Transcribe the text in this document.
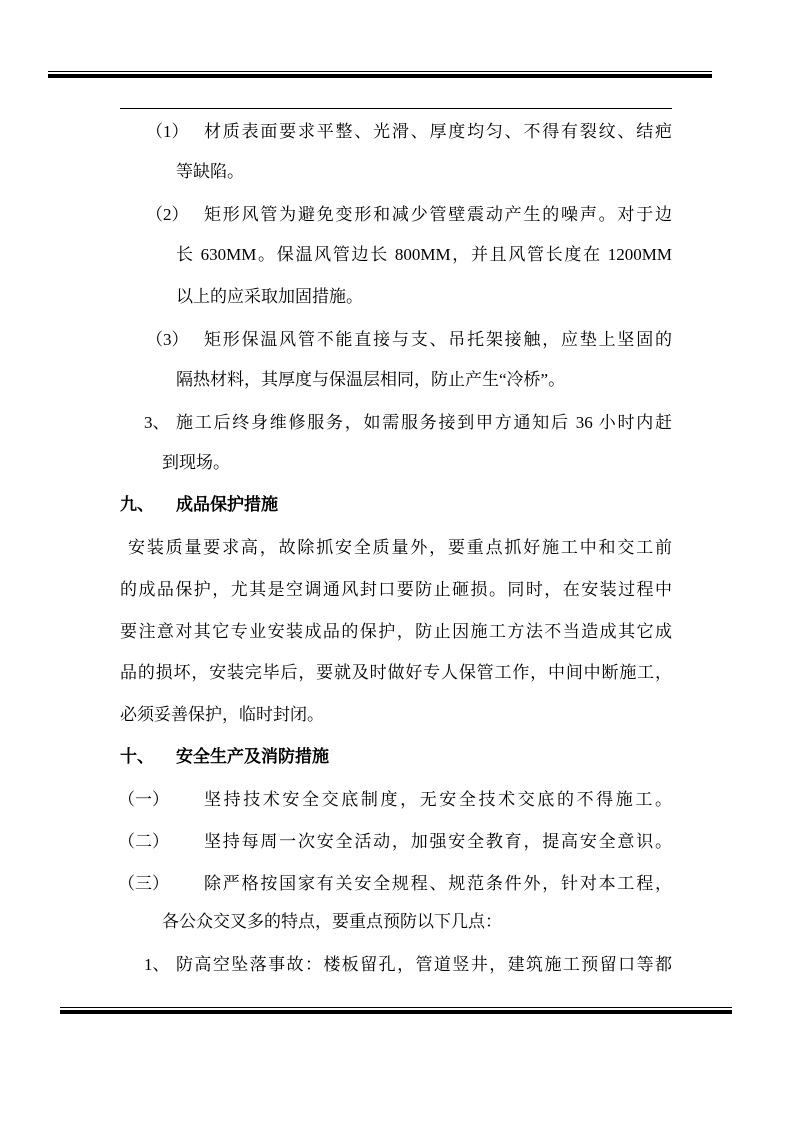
（1） 材质表面要求平整、光滑、厚度均匀、不得有裂纹、结疤
等缺陷。
（2） 矩形风管为避免变形和减少管壁震动产生的噪声。对于边
长 630MM。保温风管边长 800MM，并且风管长度在 1200MM
以上的应采取加固措施。
（3） 矩形保温风管不能直接与支、吊托架接触，应垫上坚固的
隔热材料，其厚度与保温层相同，防止产生“冷桥”。
3、 施工后终身维修服务，如需服务接到甲方通知后 36 小时内赶
到现场。
九、 成品保护措施
安装质量要求高，故除抓安全质量外，要重点抓好施工中和交工前
的成品保护，尤其是空调通风封口要防止砸损。同时，在安装过程中
要注意对其它专业安装成品的保护，防止因施工方法不当造成其它成
品的损坏，安装完毕后，要就及时做好专人保管工作，中间中断施工，
必须妥善保护，临时封闭。
十、 安全生产及消防措施
（一） 坚持技术安全交底制度，无安全技术交底的不得施工。
（二） 坚持每周一次安全活动，加强安全教育，提高安全意识。
（三） 除严格按国家有关安全规程、规范条件外，针对本工程，
各公众交叉多的特点，要重点预防以下几点：
1、 防高空坠落事故：楼板留孔，管道竖井，建筑施工预留口等都
